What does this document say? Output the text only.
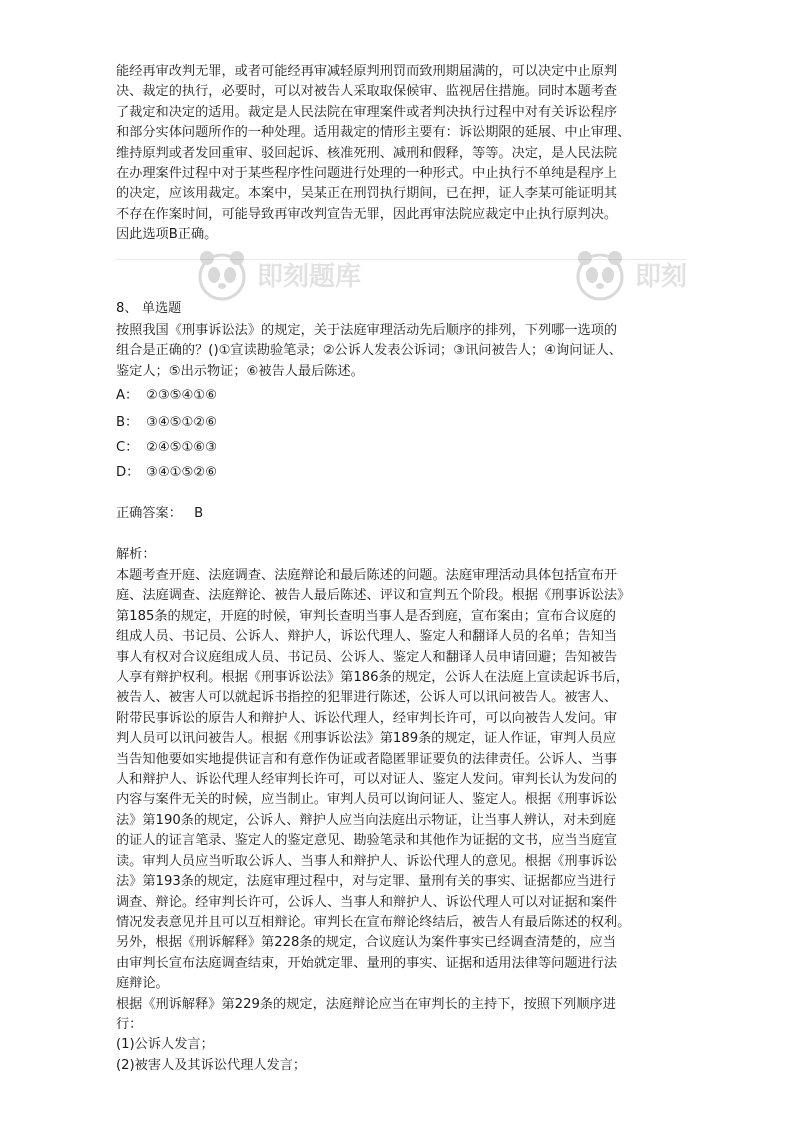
能经再审改判无罪，或者可能经再审减轻原判刑罚而致刑期届满的，可以决定中止原判
决、裁定的执行，必要时，可以对被告人采取取保候审、监视居住措施。同时本题考查
了裁定和决定的适用。裁定是人民法院在审理案件或者判决执行过程中对有关诉讼程序
和部分实体问题所作的一种处理。适用裁定的情形主要有：诉讼期限的延展、中止审理、
维持原判或者发回重审、驳回起诉、核准死刑、减刑和假释，等等。决定，是人民法院
在办理案件过程中对于某些程序性问题进行处理的一种形式。中止执行不单纯是程序上
的决定，应该用裁定。本案中，吴某正在刑罚执行期间，已在押，证人李某可能证明其
不存在作案时间，可能导致再审改判宣告无罪，因此再审法院应裁定中止执行原判决。
因此选项B正确。
即刻题库	即刻
8、 单选题
按照我国《刑事诉讼法》的规定，关于法庭审理活动先后顺序的排列，下列哪一选项的
组合是正确的？()①宣读勘验笔录；②公诉人发表公诉词；③讯问被告人；④询问证人、
鉴定人；⑤出示物证；⑥被告人最后陈述。
A： ②③⑤④①⑥
B： ③④⑤①②⑥
C： ②④⑤①⑥③
D： ③④①⑤②⑥
正确答案： B
解析：
本题考查开庭、法庭调查、法庭辩论和最后陈述的问题。法庭审理活动具体包括宣布开
庭、法庭调查、法庭辩论、被告人最后陈述、评议和宣判五个阶段。根据《刑事诉讼法》
第185条的规定，开庭的时候，审判长查明当事人是否到庭，宣布案由；宣布合议庭的
组成人员、书记员、公诉人、辩护人，诉讼代理人、鉴定人和翻译人员的名单；告知当
事人有权对合议庭组成人员、书记员、公诉人、鉴定人和翻译人员申请回避；告知被告
人享有辩护权利。根据《刑事诉讼法》第186条的规定，公诉人在法庭上宣读起诉书后，
被告人、被害人可以就起诉书指控的犯罪进行陈述，公诉人可以讯问被告人。被害人、
附带民事诉讼的原告人和辩护人、诉讼代理人，经审判长许可，可以向被告人发问。审
判人员可以讯问被告人。根据《刑事诉讼法》第189条的规定，证人作证，审判人员应
当告知他要如实地提供证言和有意作伪证或者隐匿罪证要负的法律责任。公诉人、当事
人和辩护人、诉讼代理人经审判长许可，可以对证人、鉴定人发问。审判长认为发问的
内容与案件无关的时候，应当制止。审判人员可以询问证人、鉴定人。根据《刑事诉讼
法》第190条的规定，公诉人、辩护人应当向法庭出示物证，让当事人辨认，对未到庭
的证人的证言笔录、鉴定人的鉴定意见、勘验笔录和其他作为证据的文书，应当当庭宣
读。审判人员应当听取公诉人、当事人和辩护人、诉讼代理人的意见。根据《刑事诉讼
法》第193条的规定，法庭审理过程中，对与定罪、量刑有关的事实、证据都应当进行
调查、辩论。经审判长许可，公诉人、当事人和辩护人、诉讼代理人可以对证据和案件
情况发表意见并且可以互相辩论。审判长在宣布辩论终结后，被告人有最后陈述的权利。
另外，根据《刑诉解释》第228条的规定，合议庭认为案件事实已经调查清楚的，应当
由审判长宣布法庭调查结束，开始就定罪、量刑的事实、证据和适用法律等问题进行法
庭辩论。
根据《刑诉解释》第229条的规定，法庭辩论应当在审判长的主持下，按照下列顺序进
行：
(1)公诉人发言；
(2)被害人及其诉讼代理人发言；
